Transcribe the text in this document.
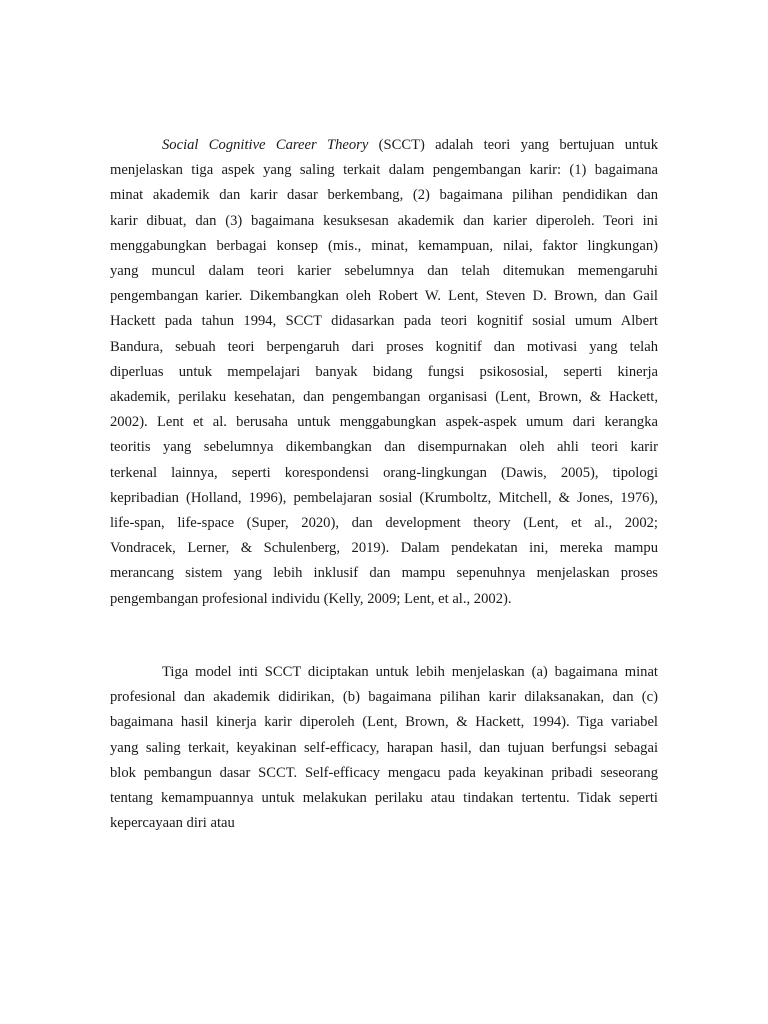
Social Cognitive Career Theory (SCCT) adalah teori yang bertujuan untuk
menjelaskan tiga aspek yang saling terkait dalam pengembangan karir: (1) bagaimana
minat akademik dan karir dasar berkembang, (2) bagaimana pilihan pendidikan dan
karir dibuat, dan (3) bagaimana kesuksesan akademik dan karier diperoleh. Teori ini
menggabungkan berbagai konsep (mis., minat, kemampuan, nilai, faktor lingkungan)
yang muncul dalam teori karier sebelumnya dan telah ditemukan memengaruhi
pengembangan karier. Dikembangkan oleh Robert W. Lent, Steven D. Brown, dan Gail
Hackett pada tahun 1994, SCCT didasarkan pada teori kognitif sosial umum Albert
Bandura, sebuah teori berpengaruh dari proses kognitif dan motivasi yang telah
diperluas untuk mempelajari banyak bidang fungsi psikososial, seperti kinerja
akademik, perilaku kesehatan, dan pengembangan organisasi (Lent, Brown, & Hackett,
2002). Lent et al. berusaha untuk menggabungkan aspek-aspek umum dari kerangka
teoritis yang sebelumnya dikembangkan dan disempurnakan oleh ahli teori karir
terkenal lainnya, seperti korespondensi orang-lingkungan (Dawis, 2005), tipologi
kepribadian (Holland, 1996), pembelajaran sosial (Krumboltz, Mitchell, & Jones, 1976),
life-span, life-space (Super, 2020), dan development theory (Lent, et al., 2002;
Vondracek, Lerner, & Schulenberg, 2019). Dalam pendekatan ini, mereka mampu
merancang sistem yang lebih inklusif dan mampu sepenuhnya menjelaskan proses
pengembangan profesional individu (Kelly, 2009; Lent, et al., 2002).
Tiga model inti SCCT diciptakan untuk lebih menjelaskan (a) bagaimana minat
profesional dan akademik didirikan, (b) bagaimana pilihan karir dilaksanakan, dan (c)
bagaimana hasil kinerja karir diperoleh (Lent, Brown, & Hackett, 1994). Tiga variabel
yang saling terkait, keyakinan self-efficacy, harapan hasil, dan tujuan berfungsi sebagai
blok pembangun dasar SCCT. Self-efficacy mengacu pada keyakinan pribadi seseorang
tentang kemampuannya untuk melakukan perilaku atau tindakan tertentu. Tidak seperti
kepercayaan diri atau
